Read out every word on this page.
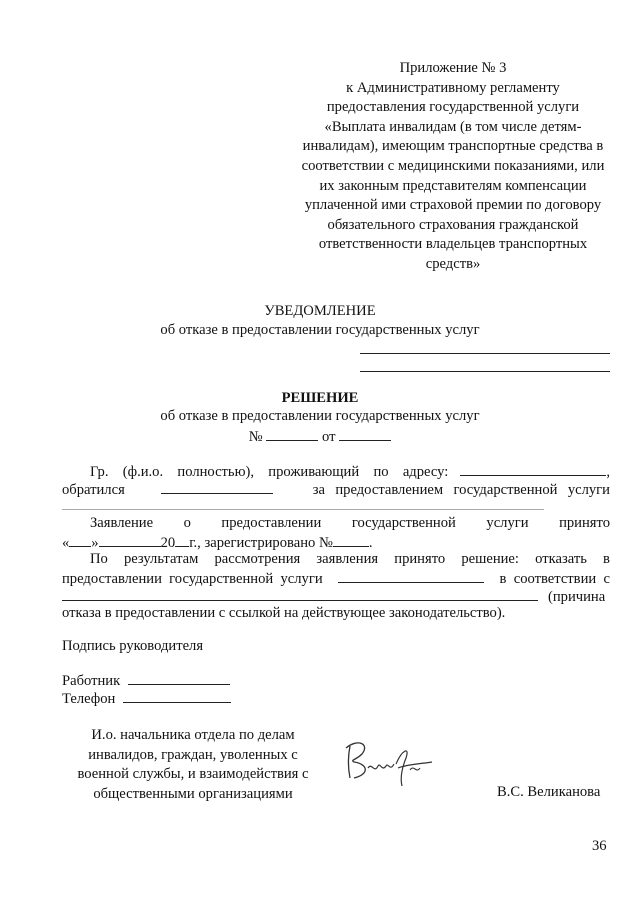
Приложение № 3
к Административному регламенту
предоставления государственной услуги
«Выплата инвалидам (в том числе детям-
инвалидам), имеющим транспортные средства в
соответствии с медицинскими показаниями, или
их законным представителям компенсации
уплаченной ими страховой премии по договору
обязательного страхования гражданской
ответственности владельцев транспортных
средств»
УВЕДОМЛЕНИЕ
об отказе в предоставлении государственных услуг
РЕШЕНИЕ
об отказе в предоставлении государственных услуг
№	от
Гр. (ф.и.о. полностью), проживающий по адресу:	,
обратился	за предоставлением государственной услуги
Заявление о предоставлении государственной услуги принято
« »	20 г., зарегистрировано № .
По результатам рассмотрения заявления принято решение: отказать в
предоставлении  государственной  услуги	в  соответствии  с
(причина
отказа в предоставлении с ссылкой на действующее законодательство).
Подпись руководителя
Работник
Телефон
И.о. начальника отдела по делам
инвалидов, граждан, уволенных с
военной службы, и взаимодействия с
общественными организациями	В.С. Великанова
36
